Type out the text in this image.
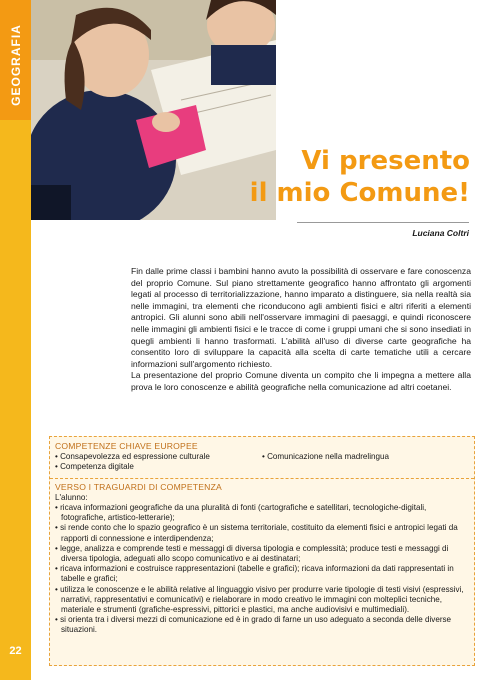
GEOGRAFIA
22
Vi presento
il mio Comune!
Luciana Coltri

Fin dalle prime classi i bambini hanno avuto la possibilità di osservare e fare conoscenza del proprio Comune. Sul piano strettamente geografico hanno affrontato gli argomenti legati al processo di territorializzazione, hanno imparato a distinguere, sia nella realtà sia nelle immagini, tra elementi che riconducono agli ambienti fisici e altri riferiti a elementi antropici. Gli alunni sono abili nell'osservare immagini di paesaggi, e quindi riconoscere nelle immagini gli ambienti fisici e le tracce di come i gruppi umani che si sono insediati in quegli ambienti li hanno trasformati. L'abilità all'uso di diverse carte geografiche ha consentito loro di sviluppare la capacità alla scelta di carte tematiche utili a cercare informazioni sull'argomento richiesto.

La presentazione del proprio Comune diventa un compito che li impegna a mettere alla prova le loro conoscenze e abilità geografiche nella comunicazione ad altri coetanei.

COMPETENZE CHIAVE EUROPEE
• Consapevolezza ed espressione culturale
• Competenza digitale
• Comunicazione nella madrelingua
VERSO I TRAGUARDI DI COMPETENZA
L'alunno:
• ricava informazioni geografiche da una pluralità di fonti (cartografiche e satellitari, tecnologiche-digitali, fotografiche, artistico-letterarie);
• si rende conto che lo spazio geografico è un sistema territoriale, costituito da elementi fisici e antropici legati da rapporti di connessione e interdipendenza;
• legge, analizza e comprende testi e messaggi di diversa tipologia e complessità; produce testi e messaggi di diversa tipologia, adeguati allo scopo comunicativo e ai destinatari;
• ricava informazioni e costruisce rappresentazioni (tabelle e grafici); ricava informazioni da dati rappresentati in tabelle e grafici;
• utilizza le conoscenze e le abilità relative al linguaggio visivo per produrre varie tipologie di testi visivi (espressivi, narrativi, rappresentativi e comunicativi) e rielaborare in modo creativo le immagini con molteplici tecniche, materiale e strumenti (grafiche-espressivi, pittorici e plastici, ma anche audiovisivi e multimediali).
• si orienta tra i diversi mezzi di comunicazione ed è in grado di farne un uso adeguato a seconda delle diverse situazioni.
